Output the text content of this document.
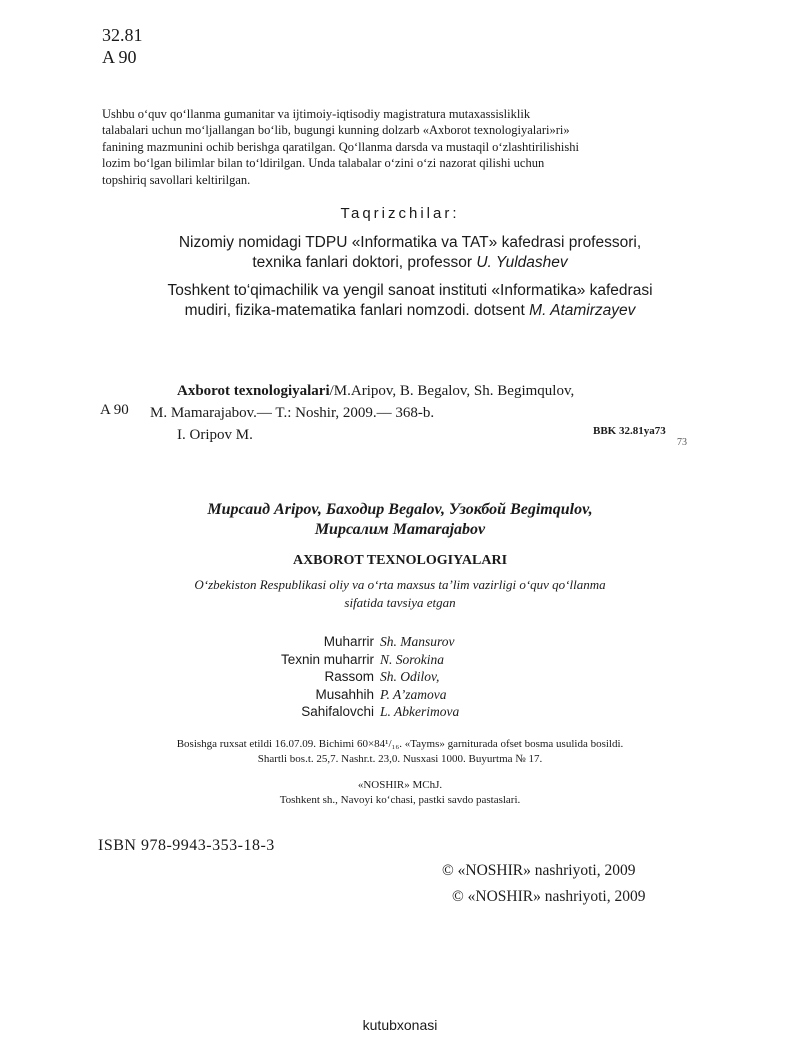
32.81
A 90

Ushbu o‘quv qo‘llanma gumanitar va ijtimoiy-iqtisodiy magistratura mutaxassisliklik

talabalari uchun mo‘ljallangan bo‘lib, bugungi kunning dolzarb «Axborot texnologiyalari»ri»

fanining mazmunini ochib berishga qaratilgan. Qo‘llanma darsda va mustaqil o‘zlashtirilishishi

lozim bo‘lgan bilimlar bilan to‘ldirilgan. Unda talabalar o‘zini o‘zi nazorat qilishi uchun

topshiriq savollari keltirilgan.

Taqrizchilar:

Nizomiy nomidagi TDPU «Informatika va TAT» kafedrasi professori,

texnika fanlari doktori, professor U. Yuldashev

Toshkent to‘qimachilik va yengil sanoat instituti «Informatika» kafedrasi

mudiri, fizika-matematika fanlari nomzodi. dotsent M. Atamirzayev

A 90
Axborot texnologiyalari/M.Aripov, B. Begalov, Sh. Begimqulov,
M. Mamarajabov.— T.: Noshir, 2009.— 368-b.
I. Oripov M.	BBK 32.81ya73
73
Мирсаид Aripov, Баходир Begalov, Узокбой Begimqulov,
Мирсалим Mamarajabov
AXBOROT TEXNOLOGIYALARI
O‘zbekiston Respublikasi oliy va o‘rta maxsus ta’lim vazirligi o‘quv qo‘llanma
sifatida tavsiya etgan
Muharrir Sh. Mansurov
Texnin muharrir N. Sorokina
Rassom Sh. Odilov,
Musahhih P. A’zamova
Sahifalovchi L. Abkerimova
Bosishga ruxsat etildi 16.07.09. Bichimi 60×84¹/₁₆. «Tayms» garniturada ofset bosma usulida bosildi.
Shartli bos.t. 25,7. Nashr.t. 23,0. Nusxasi 1000. Buyurtma № 17.
«NOSHIR» MChJ.
Toshkent sh., Navoyi ko‘chasi, pastki savdo pastaslari.
ISBN 978-9943-353-18-3
© «NOSHIR» nashriyoti, 2009
© «NOSHIR» nashriyoti, 2009
kutubxonasi
